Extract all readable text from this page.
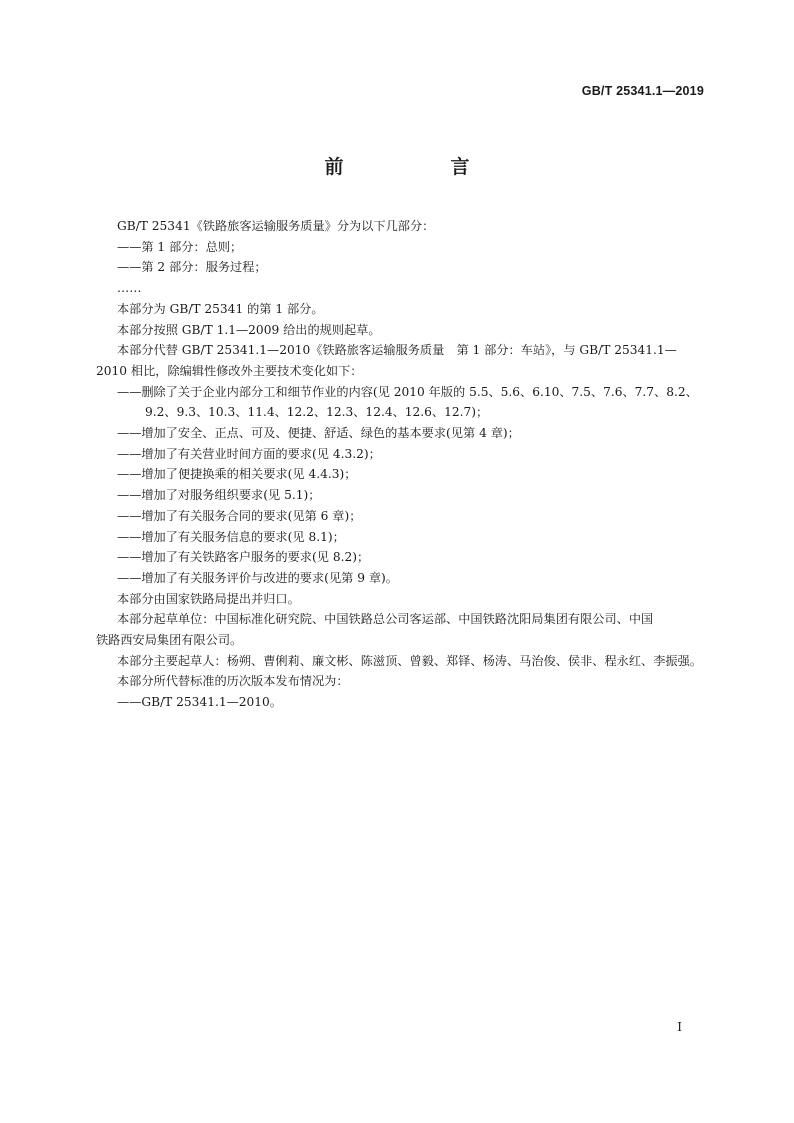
GB/T 25341.1—2019
前　言
GB/T 25341《铁路旅客运输服务质量》分为以下几部分：
——第 1 部分：总则；
——第 2 部分：服务过程；
……
本部分为 GB/T 25341 的第 1 部分。
本部分按照 GB/T 1.1—2009 给出的规则起草。
本部分代替 GB/T 25341.1—2010《铁路旅客运输服务质量　第 1 部分：车站》，与 GB/T 25341.1—
2010 相比，除编辑性修改外主要技术变化如下：
——删除了关于企业内部分工和细节作业的内容(见 2010 年版的 5.5、5.6、6.10、7.5、7.6、7.7、8.2、
9.2、9.3、10.3、11.4、12.2、12.3、12.4、12.6、12.7)；
——增加了安全、正点、可及、便捷、舒适、绿色的基本要求(见第 4 章)；
——增加了有关营业时间方面的要求(见 4.3.2)；
——增加了便捷换乘的相关要求(见 4.4.3)；
——增加了对服务组织要求(见 5.1)；
——增加了有关服务合同的要求(见第 6 章)；
——增加了有关服务信息的要求(见 8.1)；
——增加了有关铁路客户服务的要求(见 8.2)；
——增加了有关服务评价与改进的要求(见第 9 章)。
本部分由国家铁路局提出并归口。
本部分起草单位：中国标准化研究院、中国铁路总公司客运部、中国铁路沈阳局集团有限公司、中国
铁路西安局集团有限公司。
本部分主要起草人：杨朔、曹俐莉、廉文彬、陈滋顶、曾毅、郑铎、杨涛、马治俊、侯非、程永红、李振强。
本部分所代替标准的历次版本发布情况为：
——GB/T 25341.1—2010。
I
